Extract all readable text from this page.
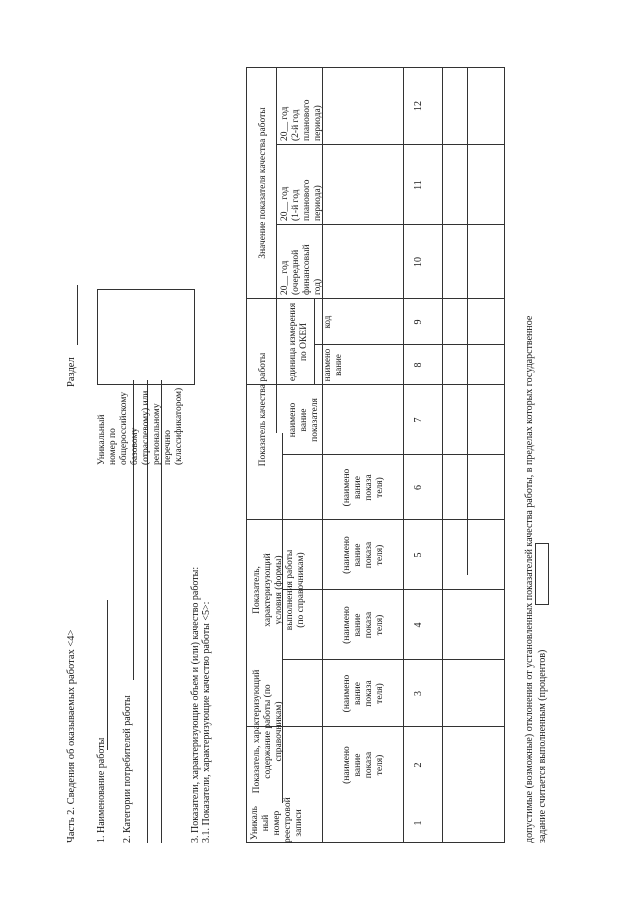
Часть 2. Сведения об оказываемых работах <4>
Раздел
1. Наименование работы 2. Категории потребителей работы
Уникальный
номер по
общероссийскому
базовому
(отраслевому) или
региональному
перечню
(классификатором)
3. Показатели, характеризующие объем и (или) качество работы: 3.1. Показатели, характеризующие качество работы <5>:	Уникаль
ный номер
реестровой
записи
Показатель, характеризующий
содержание работы (по
справочникам)
Показатель,
характеризующий
условия (формы)
выполнения работы
(по справочникам)
Показатель качества работы
Значение показателя качества работы
(наимено
вание
показа
теля)
(наимено
вание
показа
теля)
(наимено
вание
показа
теля)
(наимено
вание
показа
теля)
(наимено
вание
показа
теля)
наимено
вание
показателя
единица измерения
по ОКЕИ
наимено
вание
код
20__ год
(очередной
финансовый
год)
20__ год
(1-й год
планового
периода)
20__ год
(2-й год
планового
периода)
1
2
3
4
5
6
7
8
9
10
11
12
допустимые (возможные) отклонения от установленных показателей качества работы, в пределах которых государственное задание считается выполненным (процентов)
